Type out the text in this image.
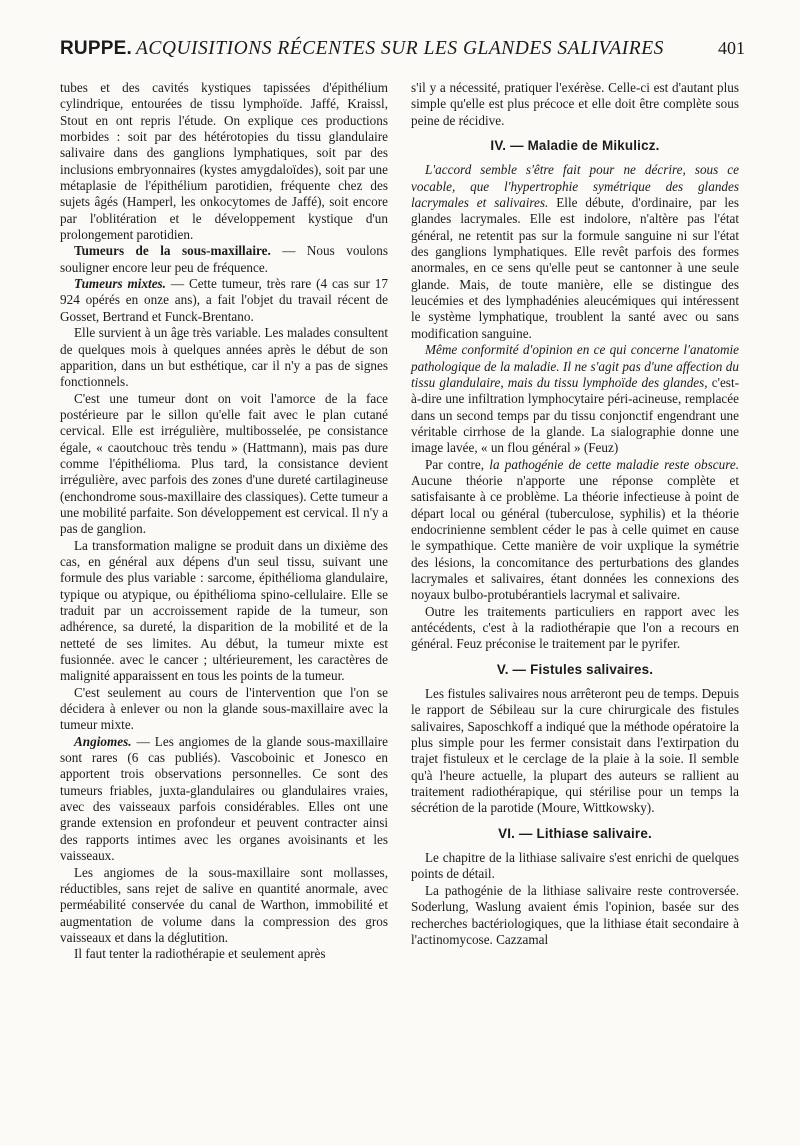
RUPPE. ACQUISITIONS RÉCENTES SUR LES GLANDES SALIVAIRES	401

tubes et des cavités kystiques tapissées d'épithélium cylindrique, entourées de tissu lymphoïde. Jaffé, Kraissl, Stout en ont repris l'étude. On explique ces productions morbides : soit par des hétérotopies du tissu glandulaire salivaire dans des ganglions lymphatiques, soit par des inclusions embryonnaires (kystes amygdaloïdes), soit par une métaplasie de l'épithélium parotidien, fréquente chez des sujets âgés (Hamperl, les onkocytomes de Jaffé), soit encore par l'oblitération et le développement kystique d'un prolongement parotidien.

Tumeurs de la sous-maxillaire. — Nous voulons souligner encore leur peu de fréquence.

Tumeurs mixtes. — Cette tumeur, très rare (4 cas sur 17 924 opérés en onze ans), a fait l'objet du travail récent de Gosset, Bertrand et Funck-Brentano.

Elle survient à un âge très variable. Les malades consultent de quelques mois à quelques années après le début de son apparition, dans un but esthétique, car il n'y a pas de signes fonctionnels.

C'est une tumeur dont on voit l'amorce de la face postérieure par le sillon qu'elle fait avec le plan cutané cervical. Elle est irrégulière, multibosselée, pe consistance égale, « caoutchouc très tendu » (Hattmann), mais pas dure comme l'épithélioma. Plus tard, la consistance devient irrégulière, avec parfois des zones d'une dureté cartilagineuse (enchondrome sous-maxillaire des classiques). Cette tumeur a une mobilité parfaite. Son développement est cervical. Il n'y a pas de ganglion.

La transformation maligne se produit dans un dixième des cas, en général aux dépens d'un seul tissu, suivant une formule des plus variable : sarcome, épithélioma glandulaire, typique ou atypique, ou épithélioma spino-cellulaire. Elle se traduit par un accroissement rapide de la tumeur, son adhérence, sa dureté, la disparition de la mobilité et de la netteté de ses limites. Au début, la tumeur mixte est fusionnée. avec le cancer ; ultérieurement, les caractères de malignité apparaissent en tous les points de la tumeur.

C'est seulement au cours de l'intervention que l'on se décidera à enlever ou non la glande sous-maxillaire avec la tumeur mixte.

Angiomes. — Les angiomes de la glande sous-maxillaire sont rares (6 cas publiés). Vascoboinic et Jonesco en apportent trois observations personnelles. Ce sont des tumeurs friables, juxta-glandulaires ou glandulaires vraies, avec des vaisseaux parfois considérables. Elles ont une grande extension en profondeur et peuvent contracter ainsi des rapports intimes avec les organes avoisinants et les vaisseaux.

Les angiomes de la sous-maxillaire sont mollasses, réductibles, sans rejet de salive en quantité anormale, avec perméabilité conservée du canal de Warthon, immobilité et augmentation de volume dans la compression des gros vaisseaux et dans la déglutition.

Il faut tenter la radiothérapie et seulement après

s'il y a nécessité, pratiquer l'exérèse. Celle-ci est d'autant plus simple qu'elle est plus précoce et elle doit être complète sous peine de récidive.

IV. — Maladie de Mikulicz.

L'accord semble s'être fait pour ne décrire, sous ce vocable, que l'hypertrophie symétrique des glandes lacrymales et salivaires. Elle débute, d'ordinaire, par les glandes lacrymales. Elle est indolore, n'altère pas l'état général, ne retentit pas sur la formule sanguine ni sur l'état des ganglions lymphatiques. Elle revêt parfois des formes anormales, en ce sens qu'elle peut se cantonner à une seule glande. Mais, de toute manière, elle se distingue des leucémies et des lymphadénies aleucémiques qui intéressent le système lymphatique, troublent la santé avec ou sans modification sanguine.

Même conformité d'opinion en ce qui concerne l'anatomie pathologique de la maladie. Il ne s'agit pas d'une affection du tissu glandulaire, mais du tissu lymphoïde des glandes, c'est-à-dire une infiltration lymphocytaire péri-acineuse, remplacée dans un second temps par du tissu conjonctif engendrant une véritable cirrhose de la glande. La sialographie donne une image lavée, « un flou général » (Feuz)

Par contre, la pathogénie de cette maladie reste obscure. Aucune théorie n'apporte une réponse complète et satisfaisante à ce problème. La théorie infectieuse à point de départ local ou général (tuberculose, syphilis) et la théorie endocrinienne semblent céder le pas à celle quimet en cause le sympathique. Cette manière de voir uxplique la symétrie des lésions, la concomitance des perturbations des glandes lacrymales et salivaires, étant données les connexions des noyaux bulbo-protubérantiels lacrymal et salivaire.

Outre les traitements particuliers en rapport avec les antécédents, c'est à la radiothérapie que l'on a recours en général. Feuz préconise le traitement par le pyrifer.

V. — Fistules salivaires.

Les fistules salivaires nous arrêteront peu de temps. Depuis le rapport de Sébileau sur la cure chirurgicale des fistules salivaires, Saposchkoff a indiqué que la méthode opératoire la plus simple pour les fermer consistait dans l'extirpation du trajet fistuleux et le cerclage de la plaie à la soie. Il semble qu'à l'heure actuelle, la plupart des auteurs se rallient au traitement radiothérapique, qui stérilise pour un temps la sécrétion de la parotide (Moure, Wittkowsky).

VI. — Lithiase salivaire.

Le chapitre de la lithiase salivaire s'est enrichi de quelques points de détail.

La pathogénie de la lithiase salivaire reste controversée. Soderlung, Waslung avaient émis l'opinion, basée sur des recherches bactériologiques, que la lithiase était secondaire à l'actinomycose. Cazzamal
